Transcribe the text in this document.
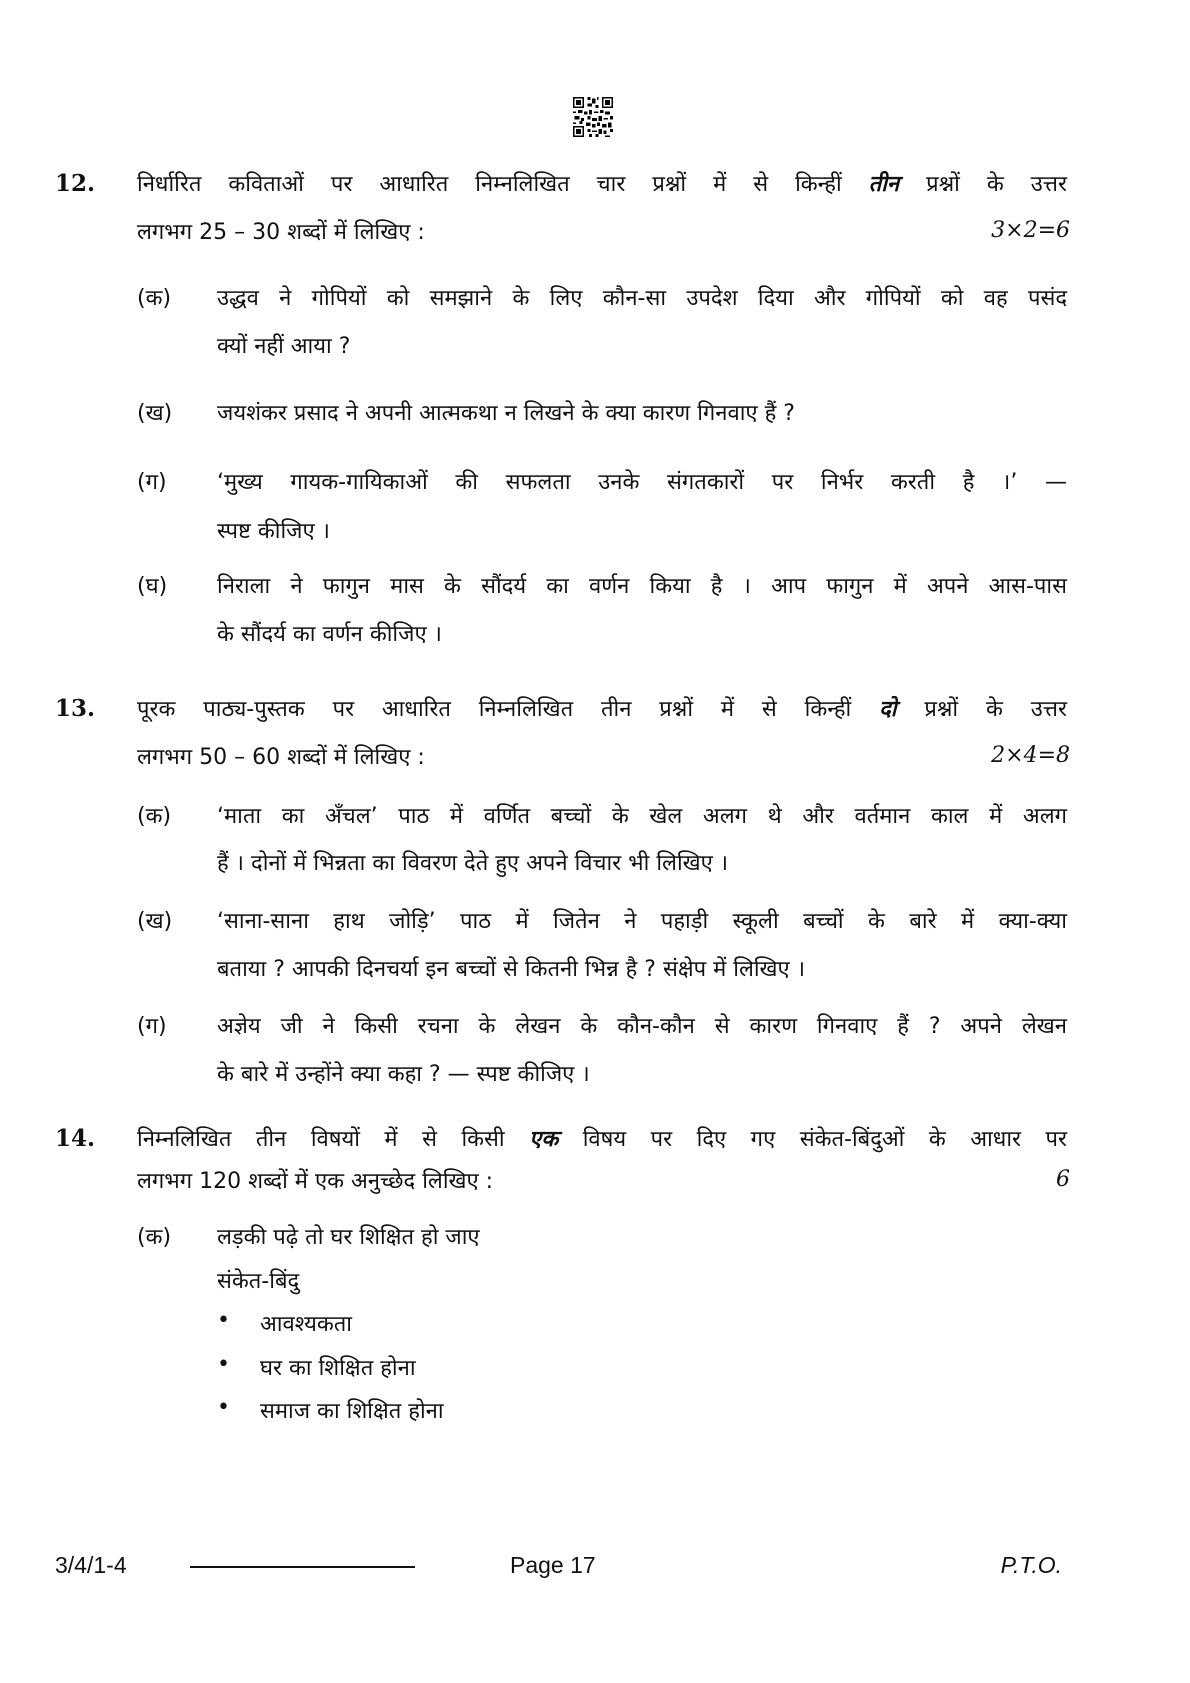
12. निर्धारित कविताओं पर आधारित निम्नलिखित चार प्रश्नों में से किन्हीं तीन प्रश्नों के उत्तर
लगभग 25 – 30 शब्दों में लिखिए :	3×2=6
(क) उद्धव ने गोपियों को समझाने के लिए कौन-सा उपदेश दिया और गोपियों को वह पसंद
क्यों नहीं आया ?
(ख) जयशंकर प्रसाद ने अपनी आत्मकथा न लिखने के क्या कारण गिनवाए हैं ?
(ग) ‘मुख्य गायक-गायिकाओं की सफलता उनके संगतकारों पर निर्भर करती है ।’ —
स्पष्ट कीजिए ।
(घ) निराला ने फागुन मास के सौंदर्य का वर्णन किया है । आप फागुन में अपने आस-पास
के सौंदर्य का वर्णन कीजिए ।
13. पूरक पाठ्य-पुस्तक पर आधारित निम्नलिखित तीन प्रश्नों में से किन्हीं दो प्रश्नों के उत्तर
लगभग 50 – 60 शब्दों में लिखिए :	2×4=8
(क) ‘माता का अँचल’ पाठ में वर्णित बच्चों के खेल अलग थे और वर्तमान काल में अलग
हैं । दोनों में भिन्नता का विवरण देते हुए अपने विचार भी लिखिए ।
(ख) ‘साना-साना हाथ जोड़ि’ पाठ में जितेन ने पहाड़ी स्कूली बच्चों के बारे में क्या-क्या
बताया ? आपकी दिनचर्या इन बच्चों से कितनी भिन्न है ? संक्षेप में लिखिए ।
(ग) अज्ञेय जी ने किसी रचना के लेखन के कौन-कौन से कारण गिनवाए हैं ? अपने लेखन
के बारे में उन्होंने क्या कहा ? — स्पष्ट कीजिए ।
14. निम्नलिखित तीन विषयों में से किसी एक विषय पर दिए गए संकेत-बिंदुओं के आधार पर
लगभग 120 शब्दों में एक अनुच्छेद लिखिए :	6
(क) लड़की पढ़े तो घर शिक्षित हो जाए
संकेत-बिंदु
• आवश्यकता
• घर का शिक्षित होना
• समाज का शिक्षित होना
3/4/1-4	Page 17	P.T.O.
